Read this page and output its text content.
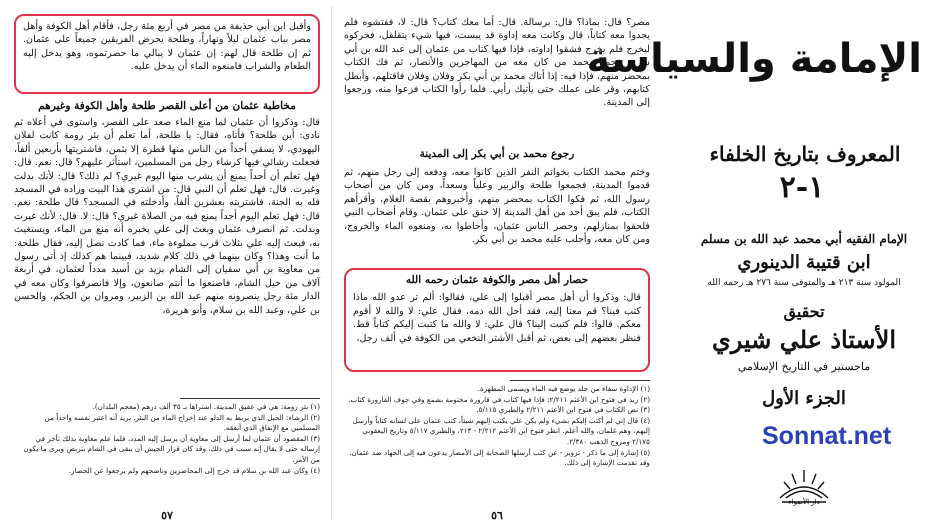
الإمامة والسياسة
المعروف بتاريخ الخلفاء
١-٢
الإمام الفقيه أبي محمد عبد الله بن مسلم
ابن قتيبة الدينوري
المولود سنة ٢١٣ هـ والمتوفى سنة ٢٧٦ هـ رحمه الله
تحقيق
الأستاذ علي شيري
ماجستير في التاريخ الإسلامي
الجزء الأول
Sonnat.net
دار الأضواء

مصر؟ قال: بماذا؟ قال: برسالة. قال: أما معك كتاب؟ قال: لا، ففتشوه فلم يجدوا معه كتاباً، قال وكانت معه إداوة قد يبست، فيها شيء يتقلقل، فحركوه ليخرج فلم يخرج فشقوا إداوته، فإذا فيها كتاب من عثمان إلى عبد الله بن أبي سرح، فجمع محمد من كان معه من المهاجرين والأنصار، ثم فك الكتاب بمحضر منهم، فإذا فيه: إذا أتاك محمد بن أبي بكر وفلان وفلان فاقتلهم، وأبطل كتابهم، وقر على عملك حتى يأتيك رأيي. فلما رأوا الكتاب فزعوا منه، ورجعوا إلى المدينة.

رجوع محمد بن أبي بكر إلى المدينة

وختم محمد الكتاب بخواتم النفر الذين كانوا معه، ودفعه إلى رجل منهم، ثم قدموا المدينة، فجمعوا طلحة والزبير وعلياً وسعداً، ومن كان من أصحاب رسول الله، ثم فكوا الكتاب بمحضر منهم، وأخبروهم بقصة الغلام، وأقرأهم الكتاب، فلم يبق أحد من أهل المدينة إلا حنق على عثمان. وقام أصحاب النبي فلحقوا بمنازلهم، وحصر الناس عثمان، وأحاطوا به، ومنعوه الماء والخروج، ومن كان معه، وأجلب عليه محمد بن أبي بكر.

حصار أهل مصر والكوفة عثمان رحمه الله

قال: وذكروا أن أهل مصر أقبلوا إلى علي، فقالوا: ألم تر عدو الله ماذا كتب فينا؟ قم معنا إليه، فقد أحل الله دمه، فقال علي: لا والله لا أقوم معكم. قالوا: فلم كتبت إلينا؟ قال علي: لا والله ما كتبت إليكم كتاباً قط. فنظر بعضهم إلى بعض، ثم أقبل الأشتر النخعي من الكوفة في ألف رجل،

(١) الإداوة سقاء من جلد يوضع فيه الماء ويسمى المطهرة.
(٢) زيد في فتوح ابن الأعثم ٢/٢١١: فإذا فيها كتاب في قارورة مختومة بشمع وفي جوف القارورة كتاب.
(٣) نص الكتاب في فتوح ابن الأعثم ٢/٢١١ والطبري ٥/١١٥.
(٤) قال إني لم أكتب إليكم بشيء ولم يكن علي يكتب إليهم شيئاً، كتب عثمان على لسانه كتاباً وأرسل إليهم، وهم غلمان، والله أعلم. انظر فتوح ابن الأعثم ٢/٢١٢ - ٢١٣، والطبري ٥/١١٧ وتاريخ اليعقوبي ٢/١٧٥ ومروج الذهب ٢/٣٨٠.
(٥) إشارة إلى ما ذكر - تزوير - عن كتب أرسلها الصحابة إلى الأمصار يدعون فيه إلى الجهاد ضد عثمان. وقد تقدمت الإشارة إلى ذلك.
٥٦

وأقبل ابن أبي حذيفة من مصر في أربع مئة رجل، فأقام أهل الكوفة وأهل مصر بباب عثمان ليلاً ونهاراً، وطلحة يحرض الفريقين جميعاً على عثمان. ثم إن طلحة قال لهم: إن عثمان لا يبالي ما حصرتموه، وهو يدخل إليه الطعام والشراب فامنعوه الماء أن يدخل عليه.

مخاطبة عثمان من أعلى القصر طلحة وأهل الكوفة وغيرهم

قال: وذكروا أن عثمان لما منع الماء صعد على القصر، واستوى في أعلاه ثم نادى: أين طلحة؟ فأتاه، فقال: يا طلحة، أما تعلم أن بئر رومة كانت لفلان اليهودي، لا يسقي أحداً من الناس منها قطرة إلا بثمن، فاشتريتها بأربعين ألفاً، فجعلت رشائي فيها كرشاء رجل من المسلمين، استأثر عليهم؟ قال: نعم. قال: فهل تعلم أن أحداً يمنع أن يشرب منها اليوم غيري؟ لم ذلك؟ قال: لأنك بدلت وغيرت. قال: فهل تعلم أن النبي قال: من اشترى هذا البيت وزاده في المسجد فله به الجنة، فاشتريته بعشرين ألفاً، وأدخلته في المسجد؟ قال طلحة: نعم. قال: فهل تعلم اليوم أحداً يمنع فيه من الصلاة غيري؟ قال: لا. قال: لأنك غيرت وبدلت. ثم انصرف عثمان وبعث إلى علي يخبره أنه منع من الماء، ويستغيث به، فبعث إليه علي بثلاث قرب مملوءة ماء، فما كادت تصل إليه، فقال طلحة: ما أنت وهذا؟ وكان بينهما في ذلك كلام شديد، فبينما هم كذلك إذ أتى رسول من معاوية بن أبي سفيان إلى الشام بزيد بن أسيد مدداً لعثمان، في أربعة آلاف من خيل الشام، فاصنعوا ما أنتم صانعون، وإلا فانصرفوا وكان معه في الدار مئة رجل ينصرونه منهم عبد الله بن الزبير، ومروان بن الحكم، والحسن بن علي، وعبد الله بن سلام، وأبو هريرة،

(١) بئر رومة: هي في عقيق المدينة. اشتراها بـ ٣٥ ألف درهم (معجم البلدان).
(٢) الرشاء: الحبل الذي يربط به الدلو عند إخراج الماء من البئر. يريد أنه اعتبر نفسه واحداً من المسلمين مع الإنفاق الذي أنفقه.
(٣) المقصود أن عثمان لما أرسل إلى معاوية أن يرسل إليه المدد، فلما علم معاوية بذلك تأخر في إرساله حتى لا يقال إنه سبب في ذلك، وقد كان قرار الجيش أن يبقى في الشام يتربص ويرى ما يكون من الأمر.
(٤) وكان عبد الله بن سلام قد خرج إلى المحاصرين وناصحهم ولم يرجعوا عن الحصار.
٥٧
